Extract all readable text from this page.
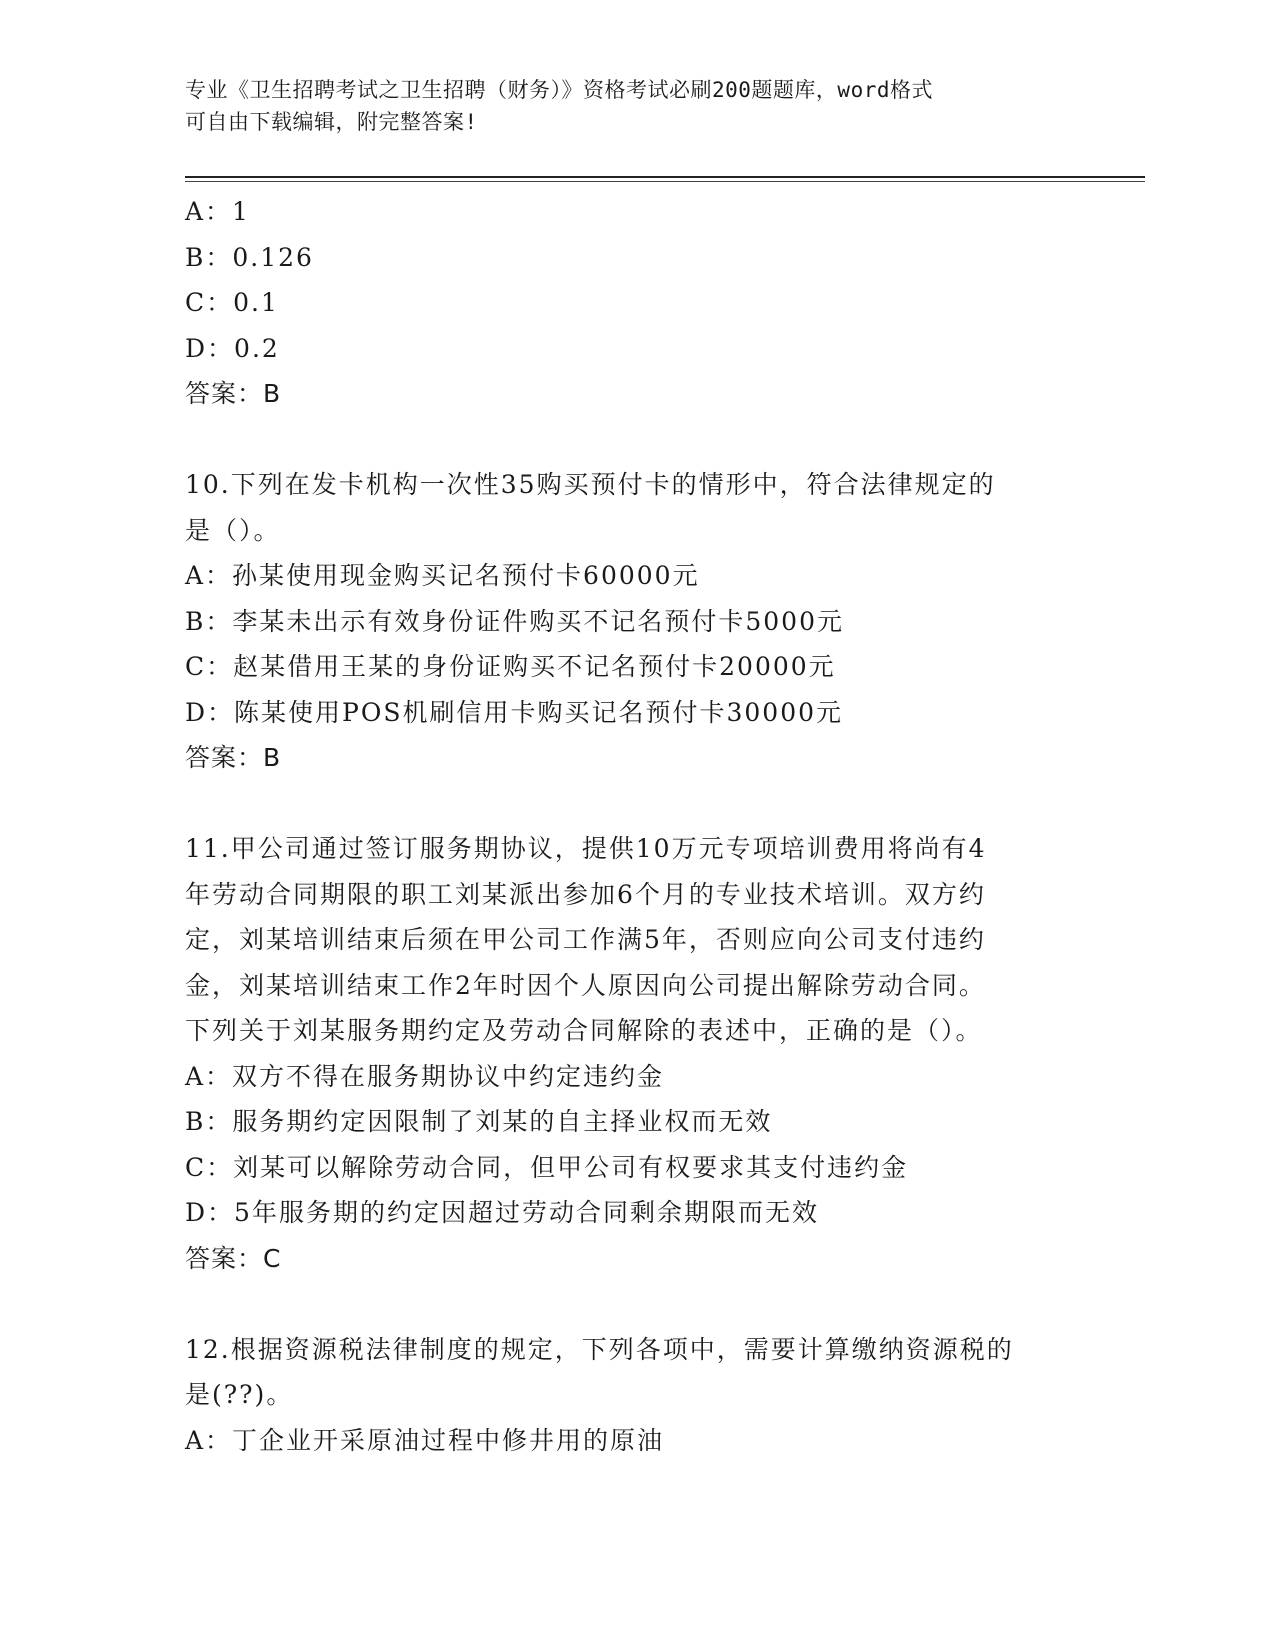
专业《卫生招聘考试之卫生招聘（财务）》资格考试必刷200题题库，word格式
可自由下载编辑，附完整答案!
A：1
B：0.126
C：0.1
D：0.2
答案：B
10.下列在发卡机构一次性35购买预付卡的情形中，符合法律规定的
是（）。
A：孙某使用现金购买记名预付卡60000元
B：李某未出示有效身份证件购买不记名预付卡5000元
C：赵某借用王某的身份证购买不记名预付卡20000元
D：陈某使用POS机刷信用卡购买记名预付卡30000元
答案：B
11.甲公司通过签订服务期协议，提供10万元专项培训费用将尚有4
年劳动合同期限的职工刘某派出参加6个月的专业技术培训。双方约
定，刘某培训结束后须在甲公司工作满5年，否则应向公司支付违约
金，刘某培训结束工作2年时因个人原因向公司提出解除劳动合同。
下列关于刘某服务期约定及劳动合同解除的表述中，正确的是（）。
A：双方不得在服务期协议中约定违约金
B：服务期约定因限制了刘某的自主择业权而无效
C：刘某可以解除劳动合同，但甲公司有权要求其支付违约金
D：5年服务期的约定因超过劳动合同剩余期限而无效
答案：C
12.根据资源税法律制度的规定，下列各项中，需要计算缴纳资源税的
是(??)。
A：丁企业开采原油过程中修井用的原油
